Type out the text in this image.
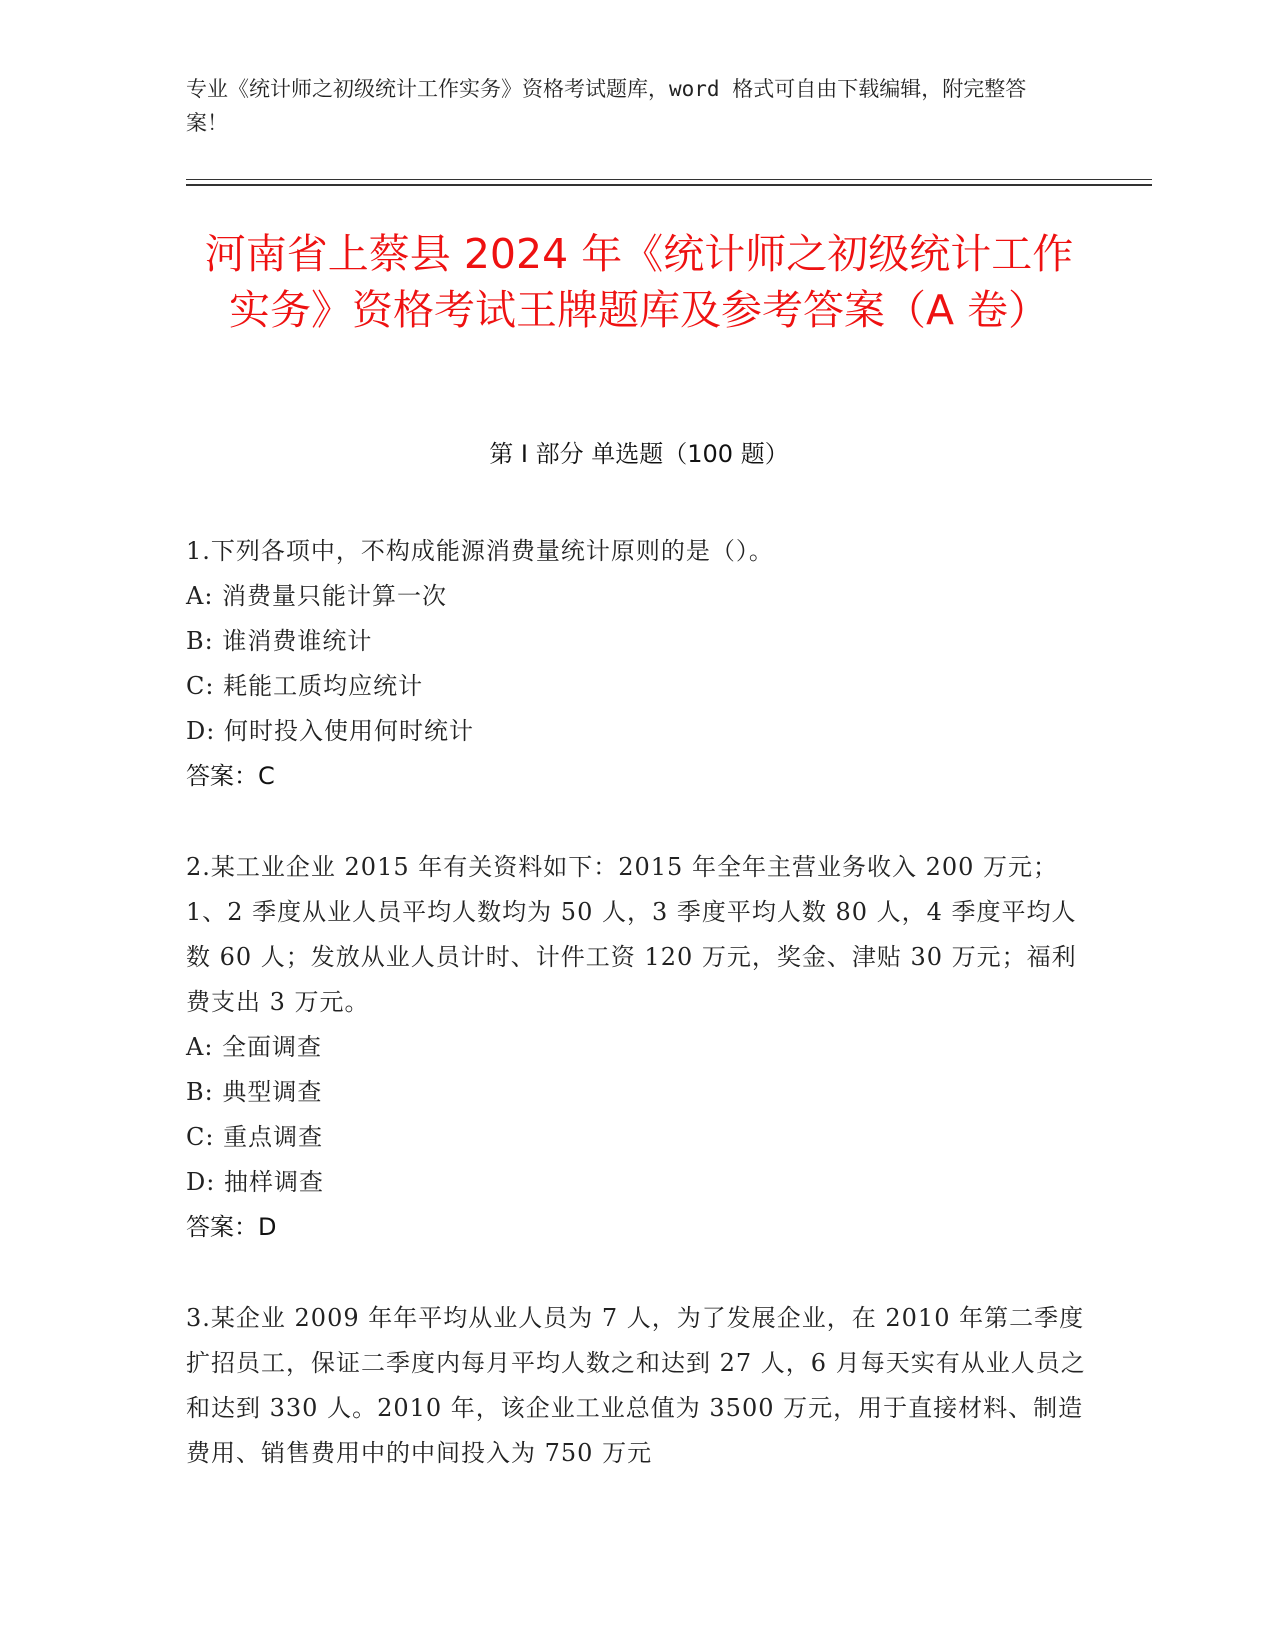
专业《统计师之初级统计工作实务》资格考试题库，word 格式可自由下载编辑，附完整答案！
河南省上蔡县 2024 年《统计师之初级统计工作实务》资格考试王牌题库及参考答案（A 卷）
第 I 部分 单选题（100 题）
1.下列各项中，不构成能源消费量统计原则的是（）。
A: 消费量只能计算一次
B: 谁消费谁统计
C: 耗能工质均应统计
D: 何时投入使用何时统计
答案：C
2.某工业企业 2015 年有关资料如下：2015 年全年主营业务收入 200 万元；1、2 季度从业人员平均人数均为 50 人，3 季度平均人数 80 人，4 季度平均人数 60 人；发放从业人员计时、计件工资 120 万元，奖金、津贴 30 万元；福利费支出 3 万元。
A: 全面调查
B: 典型调查
C: 重点调查
D: 抽样调查
答案：D
3.某企业 2009 年年平均从业人员为 7 人，为了发展企业，在 2010 年第二季度扩招员工，保证二季度内每月平均人数之和达到 27 人，6 月每天实有从业人员之和达到 330 人。2010 年，该企业工业总值为 3500 万元，用于直接材料、制造费用、销售费用中的中间投入为 750 万元
